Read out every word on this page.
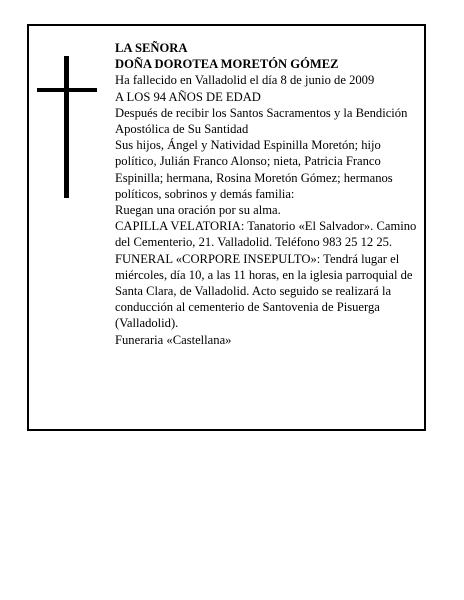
LA SEÑORA

DOÑA DOROTEA MORETÓN GÓMEZ

Ha fallecido en Valladolid el día 8 de junio de 2009

A LOS 94 AÑOS DE EDAD

Después de recibir los Santos Sacramentos y la Bendición Apostólica de Su Santidad

Sus hijos, Ángel y Natividad Espinilla Moretón; hijo político, Julián Franco Alonso; nieta, Patricia Franco Espinilla; hermana, Rosina Moretón Gómez; hermanos políticos, sobrinos y demás familia:

Ruegan una oración por su alma.

CAPILLA VELATORIA: Tanatorio «El Salvador». Camino del Cementerio, 21. Valladolid. Teléfono 983 25 12 25.

FUNERAL «CORPORE INSEPULTO»: Tendrá lugar el miércoles, día 10, a las 11 horas, en la iglesia parroquial de Santa Clara, de Valladolid. Acto seguido se realizará la conducción al cementerio de Santovenia de Pisuerga (Valladolid).

Funeraria «Castellana»
